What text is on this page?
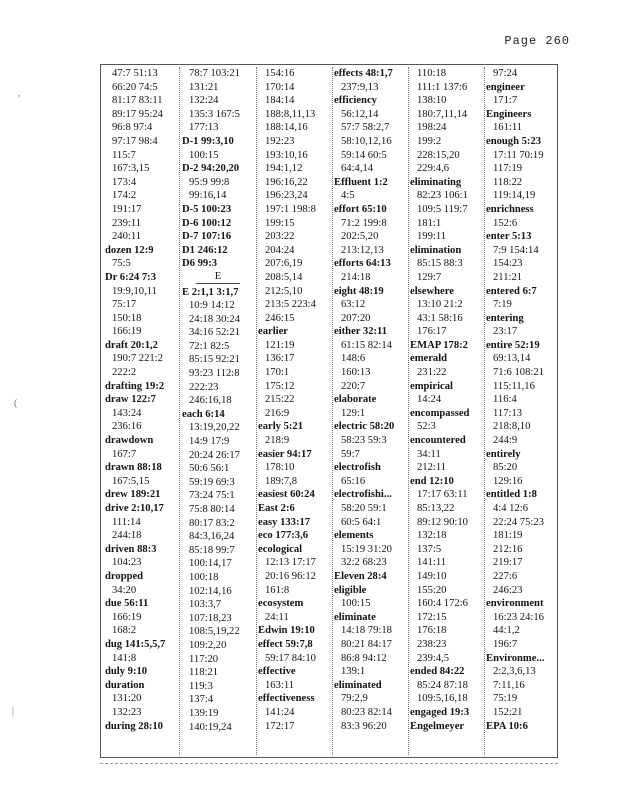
Page 260
,
(
|
47:7 51:13
66:20 74:5
81:17 83:11
89:17 95:24
96:8 97:4
97:17 98:4
115:7
167:3,15
173:4
174:2
191:17
239:11
240:11
dozen 12:9
75:5
Dr 6:24 7:3
19:9,10,11
75:17
150:18
166:19
draft 20:1,2
190:7 221:2
222:2
drafting 19:2
draw 122:7
143:24
236:16
drawdown
167:7
drawn 88:18
167:5,15
drew 189:21
drive 2:10,17
111:14
244:18
driven 88:3
104:23
dropped
34:20
due 56:11
166:19
168:2
dug 141:5,5,7
141:8
duly 9:10
duration
131:20
132:23
during 28:10
78:7 103:21
131:21
132:24
135:3 167:5
177:13
D-1 99:3,10
100:15
D-2 94:20,20
95:9 99:8
99:16,14
D-5 100:23
D-6 100:12
D-7 107:16
D1 246:12
D6 99:3
E
E 2:1,1 3:1,7
10:9 14:12
24:18 30:24
34:16 52:21
72:1 82:5
85:15 92:21
93:23 112:8
222:23
246:16,18
each 6:14
13:19,20,22
14:9 17:9
20:24 26:17
50:6 56:1
59:19 69:3
73:24 75:1
75:8 80:14
80:17 83:2
84:3,16,24
85:18 99:7
100:14,17
100:18
102:14,16
103:3,7
107:18,23
108:5,19,22
109:2,20
117:20
118:21
119:3
137:4
139:19
140:19,24
154:16
170:14
184:14
188:8,11,13
188:14,16
192:23
193:10,16
194:1,12
196:16,22
196:23,24
197:1 198:8
199:15
203:22
204:24
207:6,19
208:5,14
212:5,10
213:5 223:4
246:15
earlier
121:19
136:17
170:1
175:12
215:22
216:9
early 5:21
218:9
easier 94:17
178:10
189:7,8
easiest 60:24
East 2:6
easy 133:17
eco 177:3,6
ecological
12:13 17:17
20:16 96:12
161:8
ecosystem
24:11
Edwin 19:10
effect 59:7,8
59:17 84:10
effective
163:11
effectiveness
141:24
172:17
effects 48:1,7
237:9,13
efficiency
56:12,14
57:7 58:2,7
58:10,12,16
59:14 60:5
64:4,14
Effluent 1:2
4:5
effort 65:10
71:2 199:8
202:5,20
213:12,13
efforts 64:13
214:18
eight 48:19
63:12
207:20
either 32:11
61:15 82:14
148:6
160:13
220:7
elaborate
129:1
electric 58:20
58:23 59:3
59:7
electrofish
65:16
electrofishi...
58:20 59:1
60:5 64:1
elements
15:19 31:20
32:2 68:23
Eleven 28:4
eligible
100:15
eliminate
14:18 79:18
80:21 84:17
86:8 94:12
139:1
eliminated
79:2,9
80:23 82:14
83:3 96:20
110:18
111:1 137:6
138:10
180:7,11,14
198:24
199:2
228:15,20
229:4,6
eliminating
82:23 106:1
109:5 119:7
181:1
199:11
elimination
85:15 88:3
129:7
elsewhere
13:10 21:2
43:1 58:16
176:17
EMAP 178:2
emerald
231:22
empirical
14:24
encompassed
52:3
encountered
34:11
212:11
end 12:10
17:17 63:11
85:13,22
89:12 90:10
132:18
137:5
141:11
149:10
155:20
160:4 172:6
172:15
176:18
238:23
239:4,5
ended 84:22
85:24 87:18
109:5,16,18
engaged 19:3
Engelmeyer
97:24
engineer
171:7
Engineers
161:11
enough 5:23
17:11 70:19
117:19
118:22
119:14,19
enrichness
152:6
enter 5:13
7:9 154:14
154:23
211:21
entered 6:7
7:19
entering
23:17
entire 52:19
69:13,14
71:6 108:21
115:11,16
116:4
117:13
218:8,10
244:9
entirely
85:20
129:16
entitled 1:8
4:4 12:6
22:24 75:23
181:19
212:16
219:17
227:6
246:23
environment
16:23 24:16
44:1,2
196:7
Environme...
2:2,3,6,13
7:11,16
75:19
152:21
EPA 10:6
